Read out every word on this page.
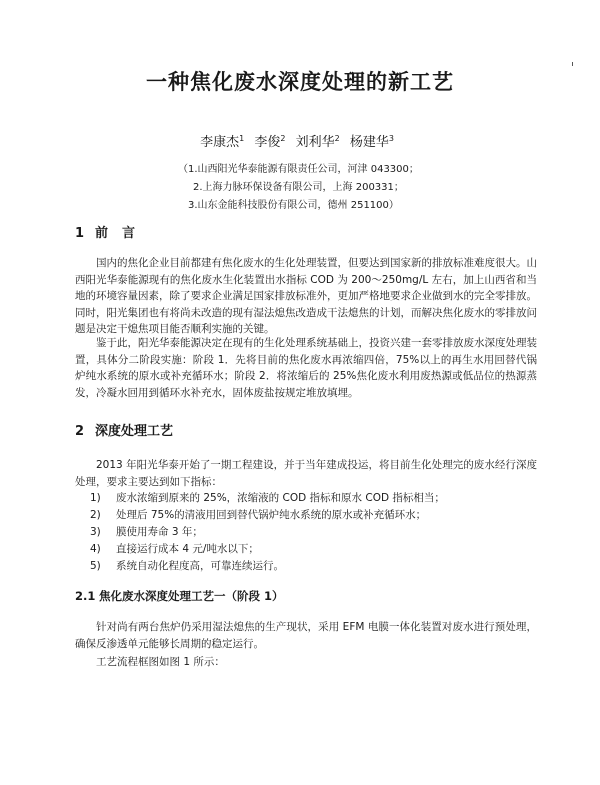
一种焦化废水深度处理的新工艺
李康杰$^1$ 李俊$^2$ 刘利华$^2$ 杨建华$^3$
（1.山西阳光华泰能源有限责任公司，河津 043300；
2.上海力脉环保设备有限公司，上海 200331；
3.山东金能科技股份有限公司，德州 251100）
1 前言
国内的焦化企业目前都建有焦化废水的生化处理装置，但要达到国家新的排放标准难度很大。山西阳光华泰能源现有的焦化废水生化装置出水指标 COD 为 200～250mg/L 左右，加上山西省和当地的环境容量因素，除了要求企业满足国家排放标准外，更加严格地要求企业做到水的完全零排放。同时，阳光集团也有将尚未改造的现有湿法熄焦改造成干法熄焦的计划，而解决焦化废水的零排放问题是决定干熄焦项目能否顺利实施的关键。
鉴于此，阳光华泰能源决定在现有的生化处理系统基础上，投资兴建一套零排放废水深度处理装置，具体分二阶段实施：阶段 1．先将目前的焦化废水再浓缩四倍，75%以上的再生水用回替代锅炉纯水系统的原水或补充循环水；阶段 2．将浓缩后的 25%焦化废水利用废热源或低品位的热源蒸发，冷凝水回用到循环水补充水，固体废盐按规定堆放填埋。
2 深度处理工艺
2013 年阳光华泰开始了一期工程建设，并于当年建成投运，将目前生化处理完的废水经行深度处理，要求主要达到如下指标：
1) 废水浓缩到原来的 25%，浓缩液的 COD 指标和原水 COD 指标相当；
2) 处理后 75%的清液用回到替代锅炉纯水系统的原水或补充循环水；
3) 膜使用寿命 3 年；
4) 直接运行成本 4 元/吨水以下；
5) 系统自动化程度高，可靠连续运行。
2.1 焦化废水深度处理工艺一（阶段 1）
针对尚有两台焦炉仍采用湿法熄焦的生产现状，采用 EFM 电膜一体化装置对废水进行预处理，确保反渗透单元能够长周期的稳定运行。
工艺流程框图如图 1 所示：
